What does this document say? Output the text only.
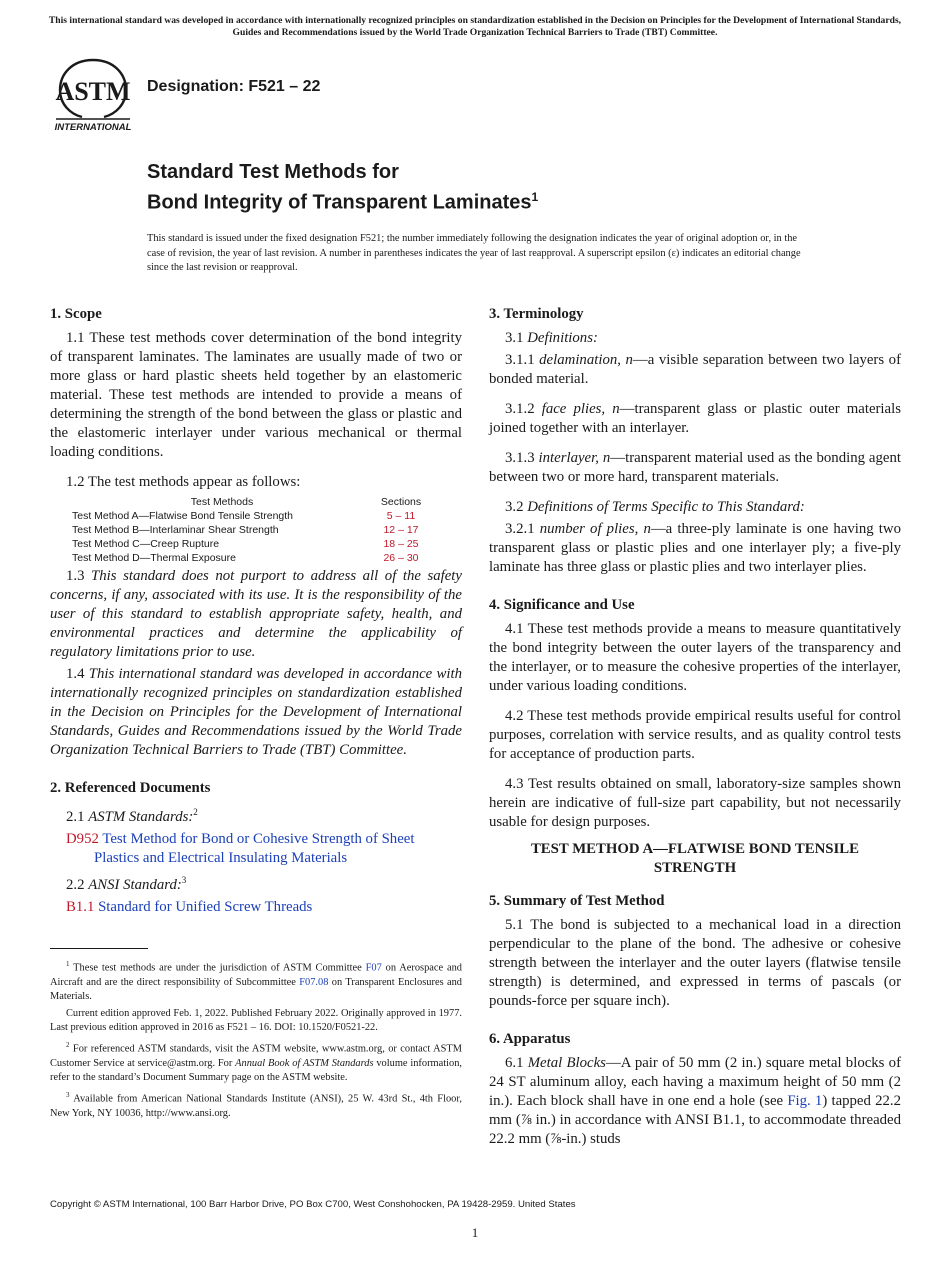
This international standard was developed in accordance with internationally recognized principles on standardization established in the Decision on Principles for the Development of International Standards, Guides and Recommendations issued by the World Trade Organization Technical Barriers to Trade (TBT) Committee.
ASTM
INTERNATIONAL
Designation: F521 – 22
Standard Test Methods for
Bond Integrity of Transparent Laminates$^1$
This standard is issued under the fixed designation F521; the number immediately following the designation indicates the year of original adoption or, in the case of revision, the year of last revision. A number in parentheses indicates the year of last reapproval. A superscript epsilon (ε) indicates an editorial change since the last revision or reapproval.
1. Scope
1.1 These test methods cover determination of the bond integrity of transparent laminates. The laminates are usually made of two or more glass or hard plastic sheets held together by an elastomeric material. These test methods are intended to provide a means of determining the strength of the bond between the glass or plastic and the elastomeric interlayer under various mechanical or thermal loading conditions.
1.2 The test methods appear as follows:
Test Methods	Sections
Test Method A—Flatwise Bond Tensile Strength	5 – 11
Test Method B—Interlaminar Shear Strength	12 – 17
Test Method C—Creep Rupture	18 – 25
Test Method D—Thermal Exposure	26 – 30
1.3 This standard does not purport to address all of the safety concerns, if any, associated with its use. It is the responsibility of the user of this standard to establish appropriate safety, health, and environmental practices and determine the applicability of regulatory limitations prior to use.
1.4 This international standard was developed in accordance with internationally recognized principles on standardization established in the Decision on Principles for the Development of International Standards, Guides and Recommendations issued by the World Trade Organization Technical Barriers to Trade (TBT) Committee.
2. Referenced Documents
2.1 ASTM Standards:$^2$
D952 Test Method for Bond or Cohesive Strength of Sheet Plastics and Electrical Insulating Materials
2.2 ANSI Standard:$^3$
B1.1 Standard for Unified Screw Threads
$^1$ These test methods are under the jurisdiction of ASTM Committee F07 on Aerospace and Aircraft and are the direct responsibility of Subcommittee F07.08 on Transparent Enclosures and Materials.
Current edition approved Feb. 1, 2022. Published February 2022. Originally approved in 1977. Last previous edition approved in 2016 as F521 – 16. DOI: 10.1520/F0521-22.
$^2$ For referenced ASTM standards, visit the ASTM website, www.astm.org, or contact ASTM Customer Service at service@astm.org. For Annual Book of ASTM Standards volume information, refer to the standard’s Document Summary page on the ASTM website.
$^3$ Available from American National Standards Institute (ANSI), 25 W. 43rd St., 4th Floor, New York, NY 10036, http://www.ansi.org.
3. Terminology
3.1 Definitions:
3.1.1 delamination, n—a visible separation between two layers of bonded material.
3.1.2 face plies, n—transparent glass or plastic outer materials joined together with an interlayer.
3.1.3 interlayer, n—transparent material used as the bonding agent between two or more hard, transparent materials.
3.2 Definitions of Terms Specific to This Standard:
3.2.1 number of plies, n—a three-ply laminate is one having two transparent glass or plastic plies and one interlayer ply; a five-ply laminate has three glass or plastic plies and two interlayer plies.
4. Significance and Use
4.1 These test methods provide a means to measure quantitatively the bond integrity between the outer layers of the transparency and the interlayer, or to measure the cohesive properties of the interlayer, under various loading conditions.
4.2 These test methods provide empirical results useful for control purposes, correlation with service results, and as quality control tests for acceptance of production parts.
4.3 Test results obtained on small, laboratory-size samples shown herein are indicative of full-size part capability, but not necessarily usable for design purposes.
TEST METHOD A—FLATWISE BOND TENSILE STRENGTH
5. Summary of Test Method
5.1 The bond is subjected to a mechanical load in a direction perpendicular to the plane of the bond. The adhesive or cohesive strength between the interlayer and the outer layers (flatwise tensile strength) is determined, and expressed in terms of pascals (or pounds-force per square inch).
6. Apparatus
6.1 Metal Blocks—A pair of 50 mm (2 in.) square metal blocks of 24 ST aluminum alloy, each having a maximum height of 50 mm (2 in.). Each block shall have in one end a hole (see Fig. 1) tapped 22.2 mm (⅞ in.) in accordance with ANSI B1.1, to accommodate threaded 22.2 mm (⅞-in.) studs
Copyright © ASTM International, 100 Barr Harbor Drive, PO Box C700, West Conshohocken, PA 19428-2959. United States
1
